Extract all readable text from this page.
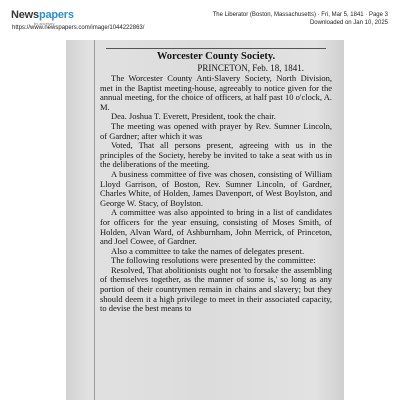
Newspapers
by ancestry
The Liberator (Boston, Massachusetts) · Fri, Mar 5, 1841 · Page 3
Downloaded on Jan 10, 2025
https://www.newspapers.com/image/1044222863/

Worcester County Society.

PRINCETON, Feb. 18, 1841.

The Worcester County Anti-Slavery Society, North Division, met in the Baptist meeting-house, agreeably to notice given for the annual meeting, for the choice of officers, at half past 10 o'clock, A. M.

Dea. Joshua T. Everett, President, took the chair.

The meeting was opened with prayer by Rev. Sumner Lincoln, of Gardner; after which it was

Voted, That all persons present, agreeing with us in the principles of the Society, hereby be invited to take a seat with us in the deliberations of the meeting.

A business committee of five was chosen, consisting of William Lloyd Garrison, of Boston, Rev. Sumner Lincoln, of Gardner, Charles White, of Holden, James Davenport, of West Boylston, and George W. Stacy, of Boylston.

A committee was also appointed to bring in a list of candidates for officers for the year ensuing, consisting of Moses Smith, of Holden, Alvan Ward, of Ashburnham, John Merrick, of Princeton, and Joel Cowee, of Gardner.

Also a committee to take the names of delegates present.

The following resolutions were presented by the committee:

Resolved, That abolitionists ought not 'to forsake the assembling of themselves together, as the manner of some is,' so long as any portion of their countrymen remain in chains and slavery; but they should deem it a high privilege to meet in their associated capacity, to devise the best means to
